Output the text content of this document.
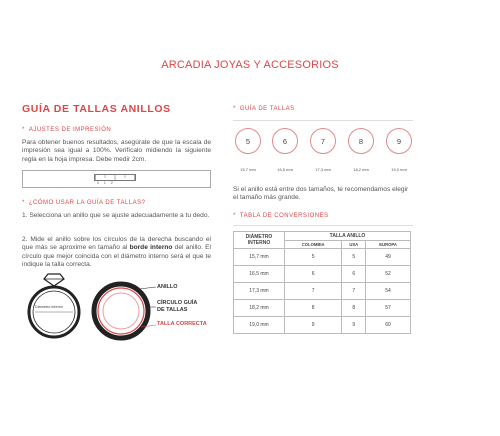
ARCADIA JOYAS Y ACCESORIOS
GUÍA DE TALLAS ANILLOS
* AJUSTES DE IMPRESIÓN
Para obtener buenos resultados, asegúrate de que la escala de impresión sea igual a 100%. Verifícalo midiendo la siguiente regla en la hoja impresa. Debe medir 2cm.
0 1 2
* ¿CÓMO USAR LA GUÍA DE TALLAS?
1. Selecciona un anillo que se ajuste adecuadamente a tu dedo.
2. Mide el anillo sobre los círculos de la derecha buscando el que más se aproxime en tamaño al borde interno del anillo. El círculo que mejor coincida con el diámetro interno será el que te indique la talla correcta.
Diámetro interno
ANILLO
CÍRCULO GUÍA
DE TALLAS
TALLA CORRECTA
* GUÍA DE TALLAS
5	6	7	8	9
15,7 mm	16,5 mm	17,3 mm	18,2 mm	19,0 mm
Si el anillo está entre dos tamaños, te recomendamos elegir el tamaño más grande.
* TABLA DE CONVERSIONES
DIÁMETRO INTERNO	TALLA ANILLO		
	COLOMBIA	USA	EUROPA
15,7 mm	5	5	49
16,5 mm	6	6	52
17,3 mm	7	7	54
18,2 mm	8	8	57
19,0 mm	9	9	60
